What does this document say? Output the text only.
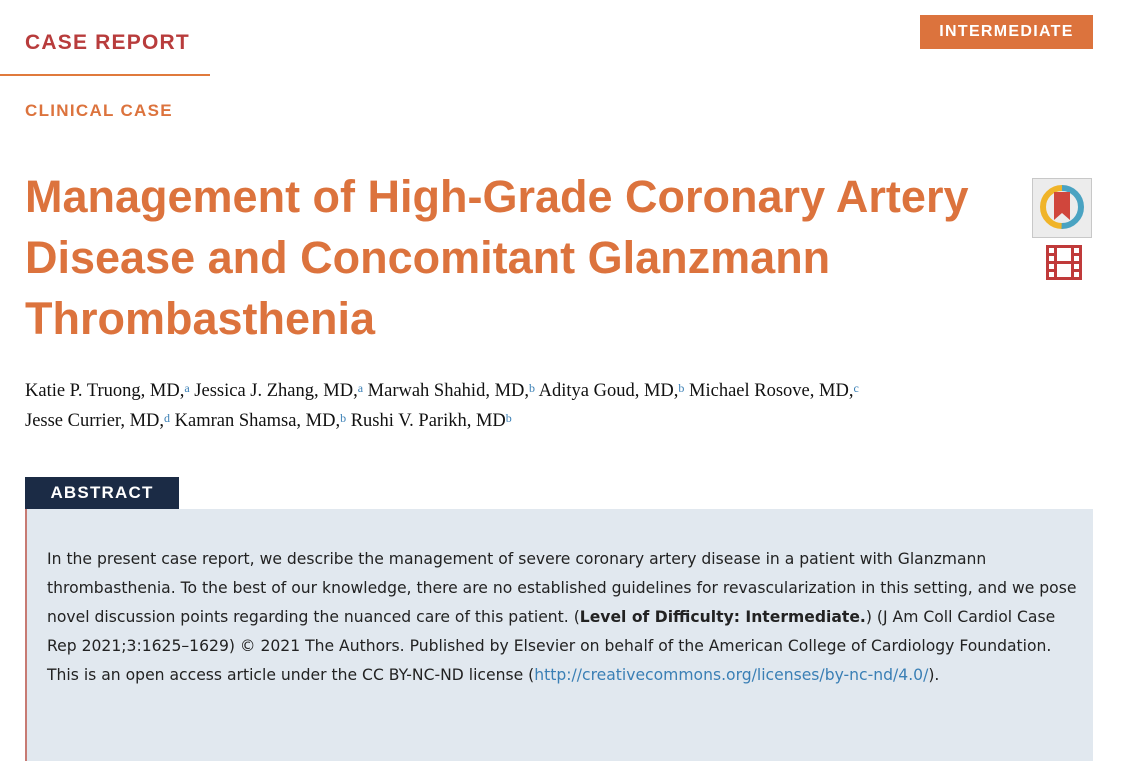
CASE REPORT	INTERMEDIATE
CLINICAL CASE
Management of High-Grade Coronary Artery Disease and Concomitant Glanzmann Thrombasthenia

Katie P. Truong, MD,$^a$ Jessica J. Zhang, MD,$^a$ Marwah Shahid, MD,$^b$ Aditya Goud, MD,$^b$ Michael Rosove, MD,$^c$
Jesse Currier, MD,$^d$ Kamran Shamsa, MD,$^b$ Rushi V. Parikh, $MD^b$

ABSTRACT

In the present case report, we describe the management of severe coronary artery disease in a patient with Glanzmann thrombasthenia. To the best of our knowledge, there are no established guidelines for revascularization in this setting, and we pose novel discussion points regarding the nuanced care of this patient. (Level of Difficulty: Intermediate.) (J Am Coll Cardiol Case Rep 2021;3:1625–1629) © 2021 The Authors. Published by Elsevier on behalf of the American College of Cardiology Foundation. This is an open access article under the CC BY-NC-ND license (http://creativecommons.org/licenses/by-nc-nd/4.0/).
